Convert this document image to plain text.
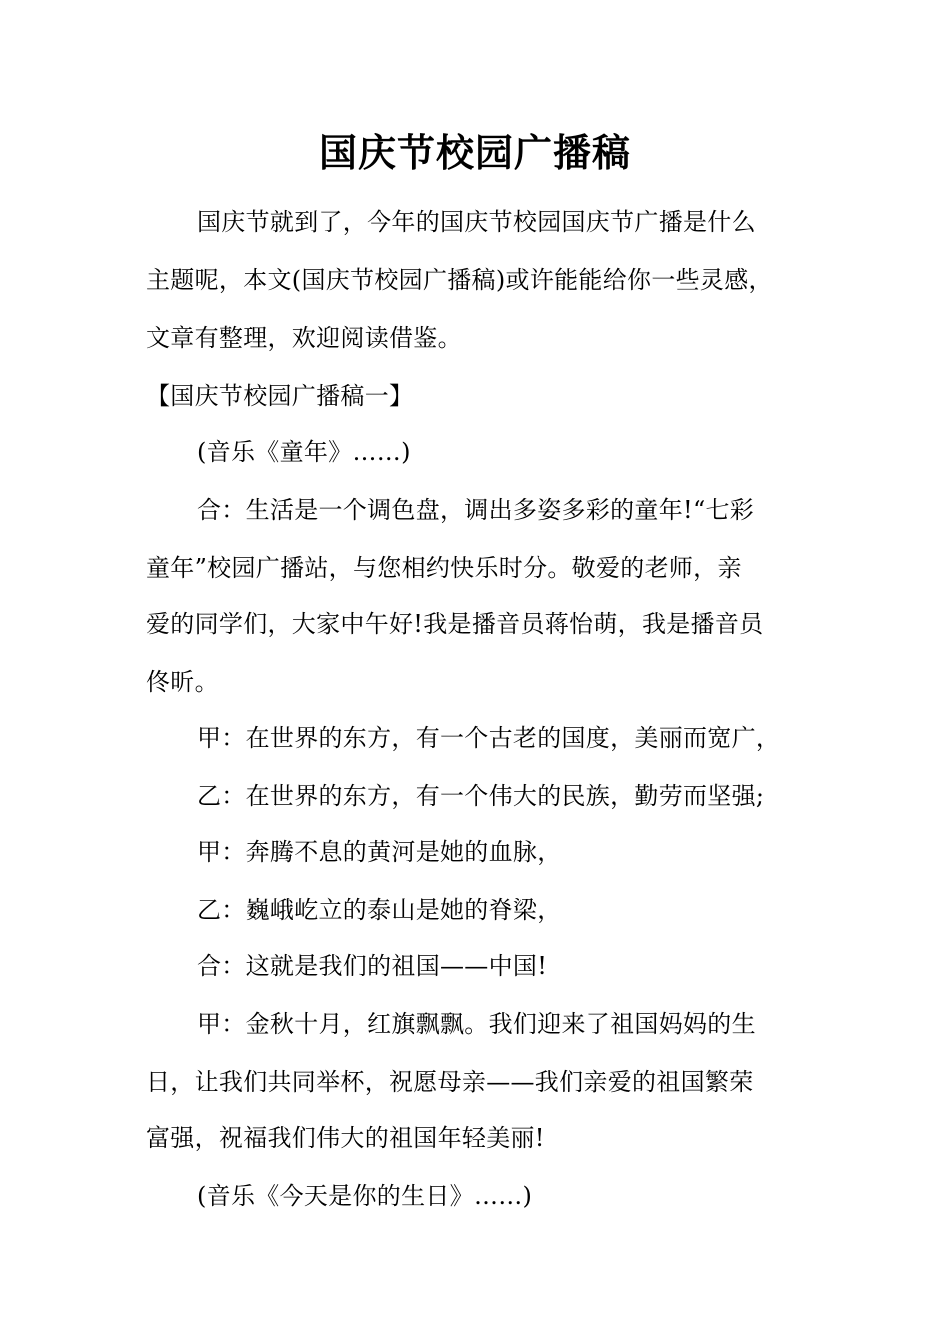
国庆节校园广播稿
国庆节就到了，今年的国庆节校园国庆节广播是什么
主题呢，本文(国庆节校园广播稿)或许能能给你一些灵感，
文章有整理，欢迎阅读借鉴。
【国庆节校园广播稿一】
(音乐《童年》……)
合：生活是一个调色盘，调出多姿多彩的童年!“七彩
童年”校园广播站，与您相约快乐时分。敬爱的老师，亲
爱的同学们，大家中午好!我是播音员蒋怡萌，我是播音员
佟昕。
甲：在世界的东方，有一个古老的国度，美丽而宽广，
乙：在世界的东方，有一个伟大的民族，勤劳而坚强;
甲：奔腾不息的黄河是她的血脉，
乙：巍峨屹立的泰山是她的脊梁，
合：这就是我们的祖国——中国!
甲：金秋十月，红旗飘飘。我们迎来了祖国妈妈的生
日，让我们共同举杯，祝愿母亲——我们亲爱的祖国繁荣
富强，祝福我们伟大的祖国年轻美丽!
(音乐《今天是你的生日》……)
